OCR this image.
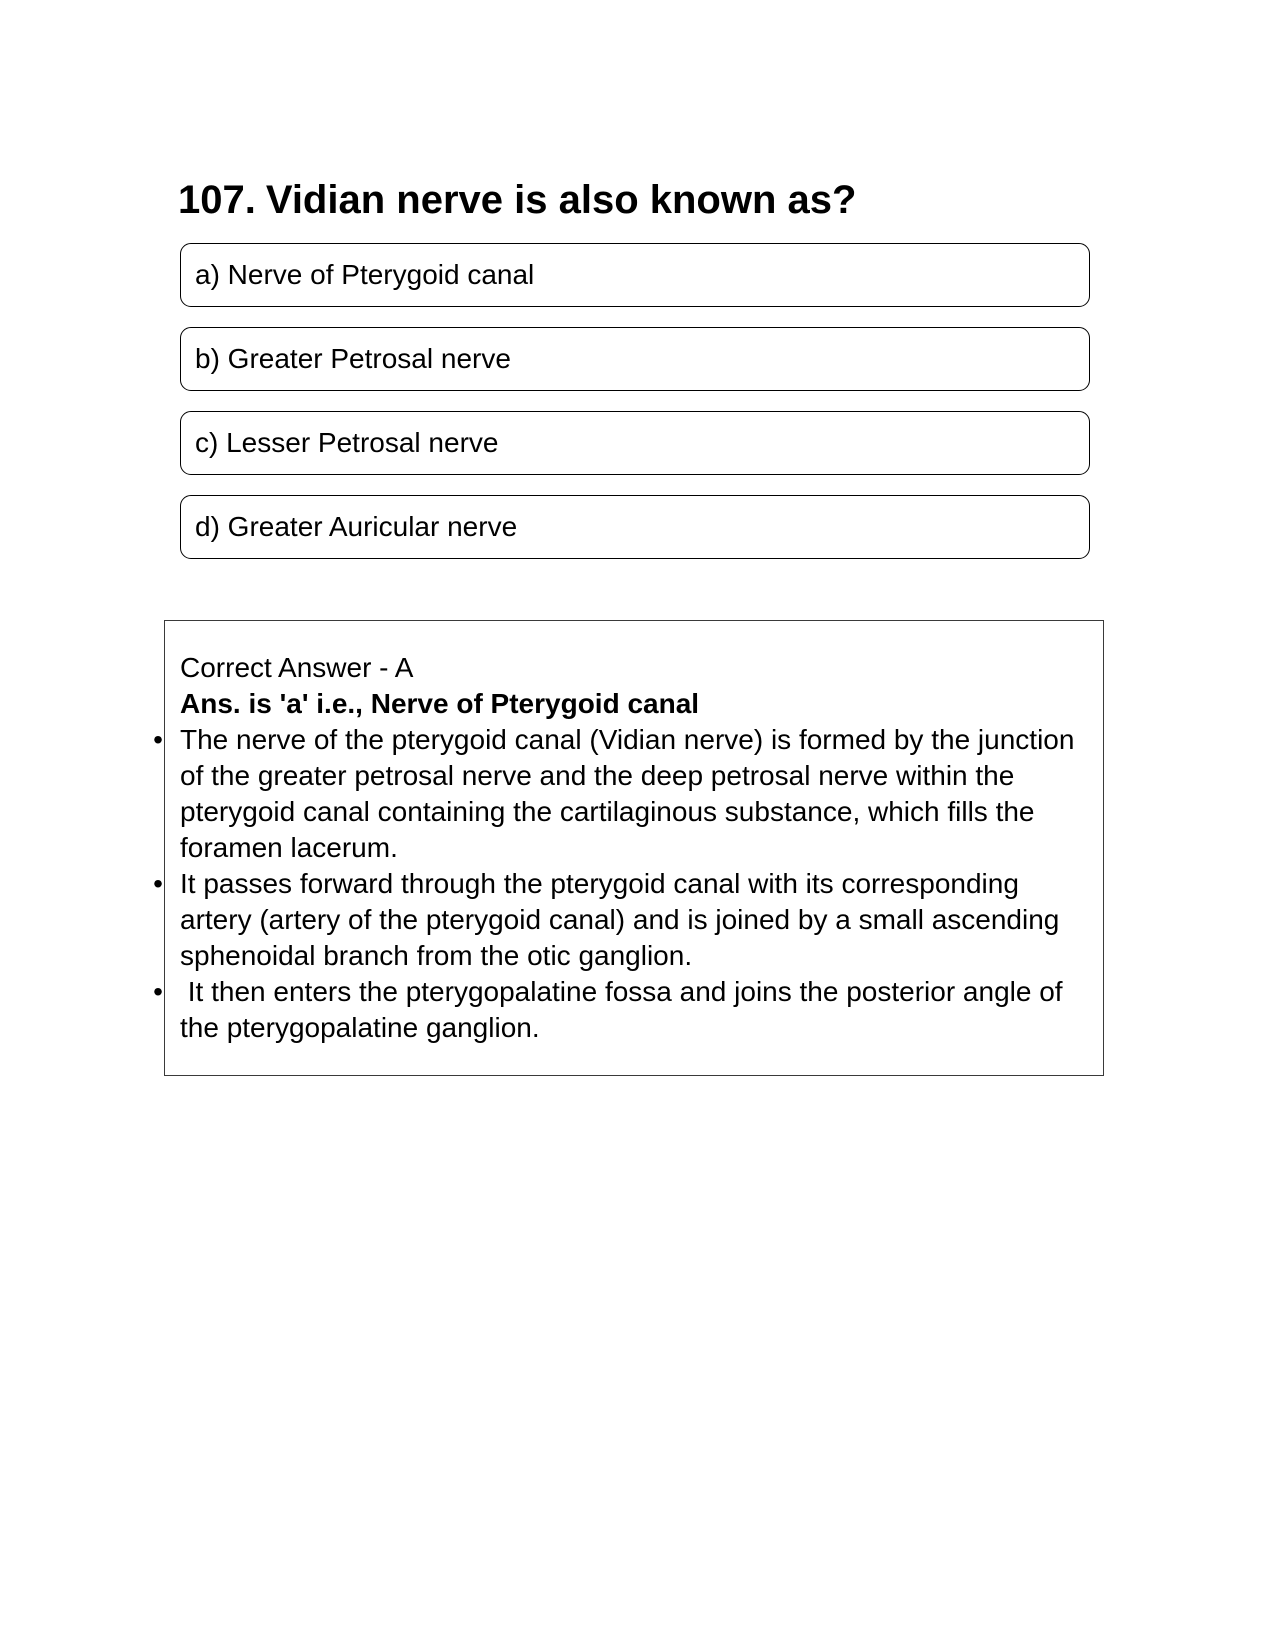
107. Vidian nerve is also known as?
a) Nerve of Pterygoid canal
b) Greater Petrosal nerve
c) Lesser Petrosal nerve
d) Greater Auricular nerve

Correct Answer - A

Ans. is 'a' i.e., Nerve of Pterygoid canal

• The nerve of the pterygoid canal (Vidian nerve) is formed by the junction of the greater petrosal nerve and the deep petrosal nerve within the pterygoid canal containing the cartilaginous substance, which fills the foramen lacerum.
• It passes forward through the pterygoid canal with its corresponding artery (artery of the pterygoid canal) and is joined by a small ascending sphenoidal branch from the otic ganglion.
• It then enters the pterygopalatine fossa and joins the posterior angle of the pterygopalatine ganglion.
